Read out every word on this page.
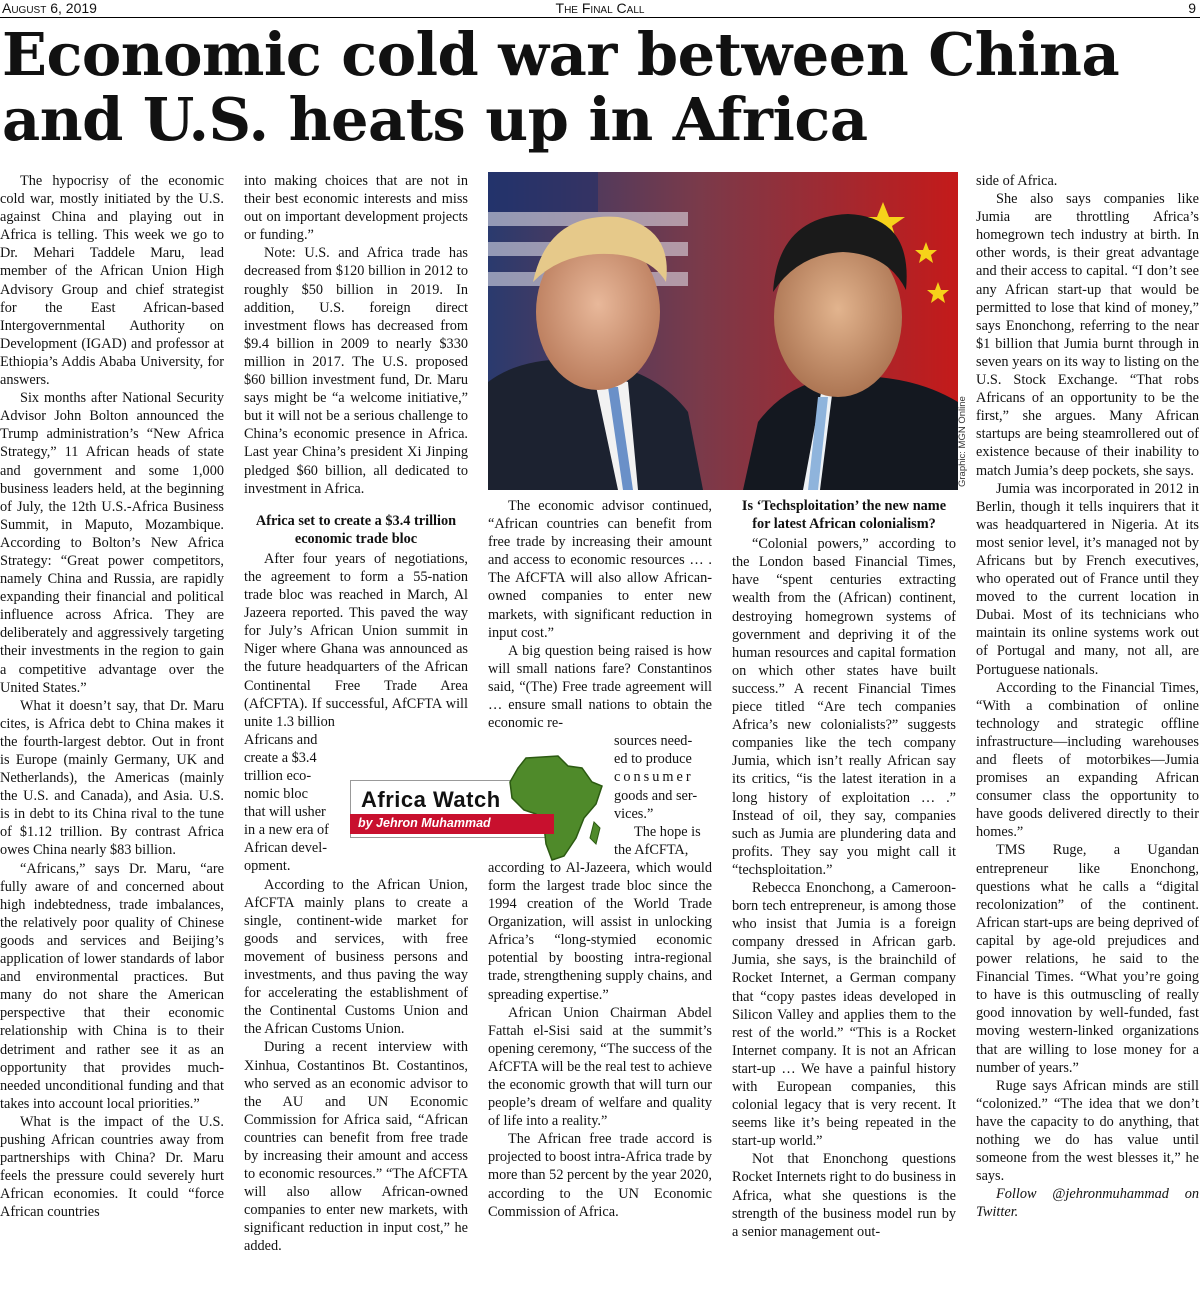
August 6, 2019	The Final Call	9
Economic cold war between China and U.S. heats up in Africa

The hypocrisy of the economic cold war, mostly initiated by the U.S. against China and playing out in Africa is telling. This week we go to Dr. Mehari Taddele Maru, lead member of the African Union High Advisory Group and chief strategist for the East African-based Intergovernmental Authority on Development (IGAD) and professor at Ethiopia’s Addis Ababa University, for answers.

Six months after National Security Advisor John Bolton announced the Trump administration’s “New Africa Strategy,” 11 African heads of state and government and some 1,000 business leaders held, at the beginning of July, the 12th U.S.-Africa Business Summit, in Maputo, Mozambique. According to Bolton’s New Africa Strategy: “Great power competitors, namely China and Russia, are rapidly expanding their financial and political influence across Africa. They are deliberately and aggressively targeting their investments in the region to gain a competitive advantage over the United States.”

What it doesn’t say, that Dr. Maru cites, is Africa debt to China makes it the fourth-largest debtor. Out in front is Europe (mainly Germany, UK and Netherlands), the Americas (mainly the U.S. and Canada), and Asia. U.S. is in debt to its China rival to the tune of $1.12 trillion. By contrast Africa owes China nearly $83 billion.

“Africans,” says Dr. Maru, “are fully aware of and concerned about high indebtedness, trade imbalances, the relatively poor quality of Chinese goods and services and Beijing’s application of lower standards of labor and environmental practices. But many do not share the American perspective that their economic relationship with China is to their detriment and rather see it as an opportunity that provides much-needed unconditional funding and that takes into account local priorities.”

What is the impact of the U.S. pushing African countries away from partnerships with China? Dr. Maru feels the pressure could severely hurt African economies. It could “force African countries

into making choices that are not in their best economic interests and miss out on important development projects or funding.”

Note: U.S. and Africa trade has decreased from $120 billion in 2012 to roughly $50 billion in 2019. In addition, U.S. foreign direct investment flows has decreased from $9.4 billion in 2009 to nearly $330 million in 2017. The U.S. proposed $60 billion investment fund, Dr. Maru says might be “a welcome initiative,” but it will not be a serious challenge to China’s economic presence in Africa. Last year China’s president Xi Jinping pledged $60 billion, all dedicated to investment in Africa.

Africa set to create a $3.4 trillion economic trade bloc

After four years of negotiations, the agreement to form a 55-nation trade bloc was reached in March, Al Jazeera reported. This paved the way for July’s African Union summit in Niger where Ghana was announced as the future headquarters of the African Continental Free Trade Area (AfCFTA). If successful, AfCFTA will unite 1.3 billion

Africans and
create a $3.4
trillion eco-
nomic bloc
that will usher
in a new era of
African devel-
opment.

According to the African Union, AfCFTA mainly plans to create a single, continent-wide market for goods and services, with free movement of business persons and investments, and thus paving the way for accelerating the establishment of the Continental Customs Union and the African Customs Union.

During a recent interview with Xinhua, Costantinos Bt. Costantinos, who served as an economic advisor to the AU and UN Economic Commission for Africa said, “African countries can benefit from free trade by increasing their amount and access to economic resources.” “The AfCFTA will also allow African-owned companies to enter new markets, with significant reduction in input cost,” he added.

Graphic: MGN Online
Africa Watch
by Jehron Muhammad

The economic advisor continued, “African countries can benefit from free trade by increasing their amount and access to economic resources … . The AfCFTA will also allow African-owned companies to enter new markets, with significant reduction in input cost.”

A big question being raised is how will small nations fare? Constantinos said, “(The) Free trade agreement will … ensure small nations to obtain the economic re-

sources need-
ed to produce
consumer
goods and ser-
vices.”
The hope is
the AfCFTA,

according to Al-Jazeera, which would form the largest trade bloc since the 1994 creation of the World Trade Organization, will assist in unlocking Africa’s “long-stymied economic potential by boosting intra-regional trade, strengthening supply chains, and spreading expertise.”

African Union Chairman Abdel Fattah el-Sisi said at the summit’s opening ceremony, “The success of the AfCFTA will be the real test to achieve the economic growth that will turn our people’s dream of welfare and quality of life into a reality.”

The African free trade accord is projected to boost intra-Africa trade by more than 52 percent by the year 2020, according to the UN Economic Commission of Africa.

Is ‘Techsploitation’ the new name for latest African colonialism?

“Colonial powers,” according to the London based Financial Times, have “spent centuries extracting wealth from the (African) continent, destroying homegrown systems of government and depriving it of the human resources and capital formation on which other states have built success.” A recent Financial Times piece titled “Are tech companies Africa’s new colonialists?” suggests companies like the tech company Jumia, which isn’t really African say its critics, “is the latest iteration in a long history of exploitation … .” Instead of oil, they say, companies such as Jumia are plundering data and profits. They say you might call it “techsploitation.”

Rebecca Enonchong, a Cameroon-born tech entrepreneur, is among those who insist that Jumia is a foreign company dressed in African garb. Jumia, she says, is the brainchild of Rocket Internet, a German company that “copy pastes ideas developed in Silicon Valley and applies them to the rest of the world.” “This is a Rocket Internet company. It is not an African start-up … We have a painful history with European companies, this colonial legacy that is very recent. It seems like it’s being repeated in the start-up world.”

Not that Enonchong questions Rocket Internets right to do business in Africa, what she questions is the strength of the business model run by a senior management out-

side of Africa.

She also says companies like Jumia are throttling Africa’s homegrown tech industry at birth. In other words, is their great advantage and their access to capital. “I don’t see any African start-up that would be permitted to lose that kind of money,” says Enonchong, referring to the near $1 billion that Jumia burnt through in seven years on its way to listing on the U.S. Stock Exchange. “That robs Africans of an opportunity to be the first,” she argues. Many African startups are being steamrollered out of existence because of their inability to match Jumia’s deep pockets, she says.

Jumia was incorporated in 2012 in Berlin, though it tells inquirers that it was headquartered in Nigeria. At its most senior level, it’s managed not by Africans but by French executives, who operated out of France until they moved to the current location in Dubai. Most of its technicians who maintain its online systems work out of Portugal and many, not all, are Portuguese nationals.

According to the Financial Times, “With a combination of online technology and strategic offline infrastructure—including warehouses and fleets of motorbikes—Jumia promises an expanding African consumer class the opportunity to have goods delivered directly to their homes.”

TMS Ruge, a Ugandan entrepreneur like Enonchong, questions what he calls a “digital recolonization” of the continent. African start-ups are being deprived of capital by age-old prejudices and power relations, he said to the Financial Times. “What you’re going to have is this outmuscling of really good innovation by well-funded, fast moving western-linked organizations that are willing to lose money for a number of years.”

Ruge says African minds are still “colonized.” “The idea that we don’t have the capacity to do anything, that nothing we do has value until someone from the west blesses it,” he says.

Follow @jehronmuhammad on Twitter.
